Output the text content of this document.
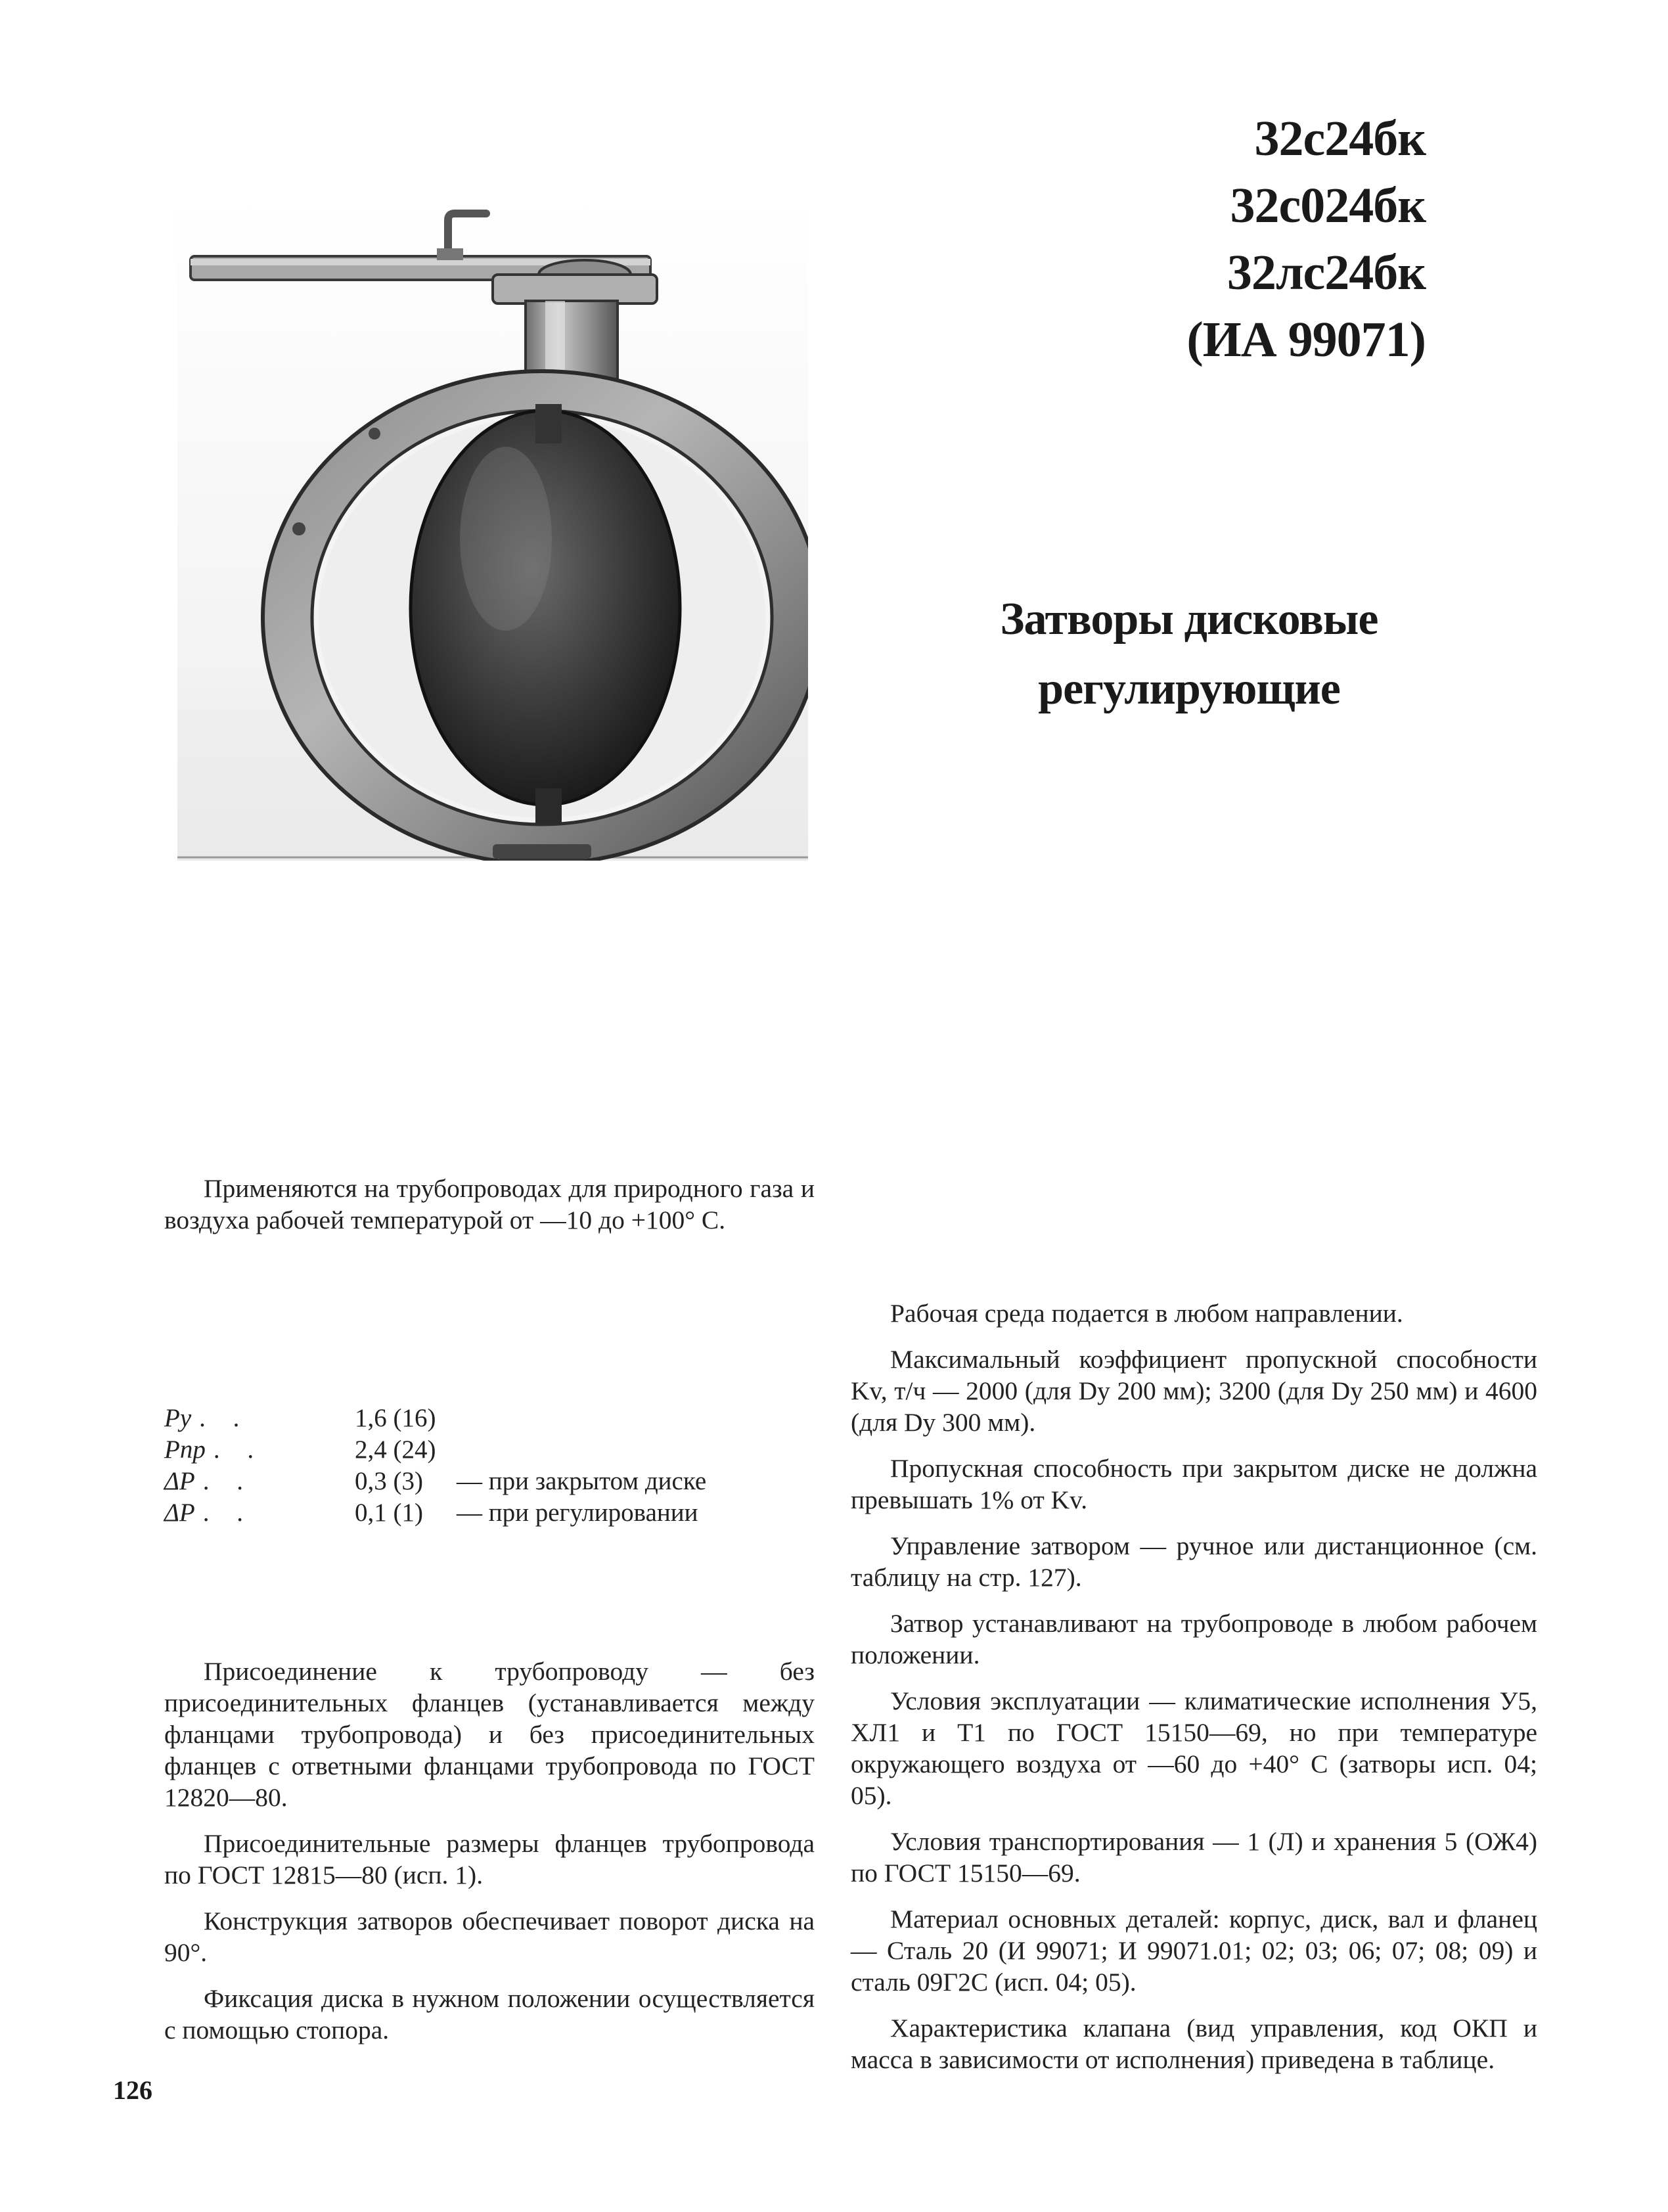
32с24бк
32с024бк
32лс24бк
(ИА 99071)
Затворы дисковые
регулирующие

Применяются на трубопроводах для природного газа и воздуха рабочей температурой от —10 до +100° С.

Pу . .	1,6 (16)
Pпр . .	2,4 (24)
ΔP . .	0,3 (3)	— при закрытом диске
ΔP . .	0,1 (1)	— при регулировании

Присоединение к трубопроводу — без присоединительных фланцев (устанавливается между фланцами трубопровода) и без присоединительных фланцев с ответными фланцами трубопровода по ГОСТ 12820—80.

Присоединительные размеры фланцев трубопровода по ГОСТ 12815—80 (исп. 1).

Конструкция затворов обеспечивает поворот диска на 90°.

Фиксация диска в нужном положении осуществляется с помощью стопора.

Рабочая среда подается в любом направлении.

Максимальный коэффициент пропускной способности Kv, т/ч — 2000 (для Dу 200 мм); 3200 (для Dу 250 мм) и 4600 (для Dу 300 мм).

Пропускная способность при закрытом диске не должна превышать 1% от Kv.

Управление затвором — ручное или дистанционное (см. таблицу на стр. 127).

Затвор устанавливают на трубопроводе в любом рабочем положении.

Условия эксплуатации — климатические исполнения У5, ХЛ1 и Т1 по ГОСТ 15150—69, но при температуре окружающего воздуха от —60 до +40° С (затворы исп. 04; 05).

Условия транспортирования — 1 (Л) и хранения 5 (ОЖ4) по ГОСТ 15150—69.

Материал основных деталей: корпус, диск, вал и фланец — Сталь 20 (И 99071; И 99071.01; 02; 03; 06; 07; 08; 09) и сталь 09Г2С (исп. 04; 05).

Характеристика клапана (вид управления, код ОКП и масса в зависимости от исполнения) приведена в таблице.

126
